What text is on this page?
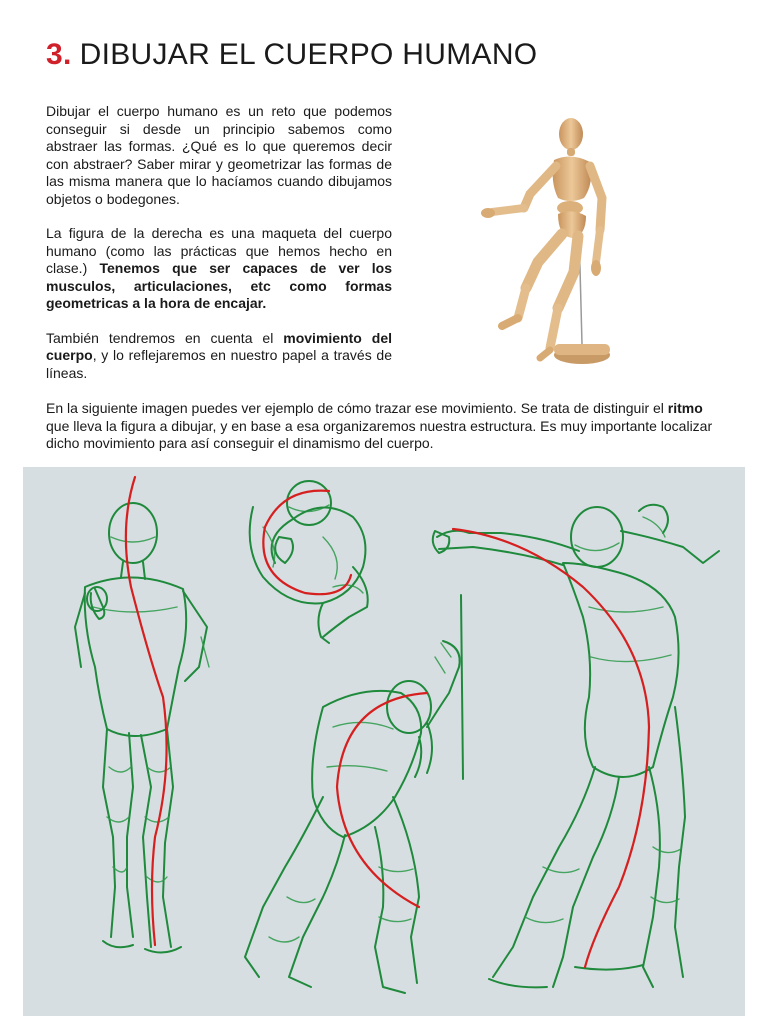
3. DIBUJAR EL CUERPO HUMANO

Dibujar el cuerpo humano es un reto que podemos conseguir si desde un principio sabemos como abstraer las formas. ¿Qué es lo que queremos decir con abstraer? Saber mirar y geometrizar las formas de las misma manera que lo hacíamos cuando dibujamos objetos o bodegones.

La figura de la derecha es una maqueta del cuerpo humano (como las prácticas que hemos hecho en clase.) Tenemos que ser capaces de ver los musculos, articulaciones, etc como formas geometricas a la hora de encajar.

También tendremos en cuenta el movimiento del cuerpo, y lo reflejaremos en nuestro papel a través de líneas.

En la siguiente imagen puedes ver ejemplo de cómo trazar ese movimiento. Se trata de distinguir el ritmo que lleva la figura a dibujar, y en base a esa organizaremos nuestra estructura. Es muy importante localizar dicho movimiento para así conseguir el dinamismo del cuerpo.
